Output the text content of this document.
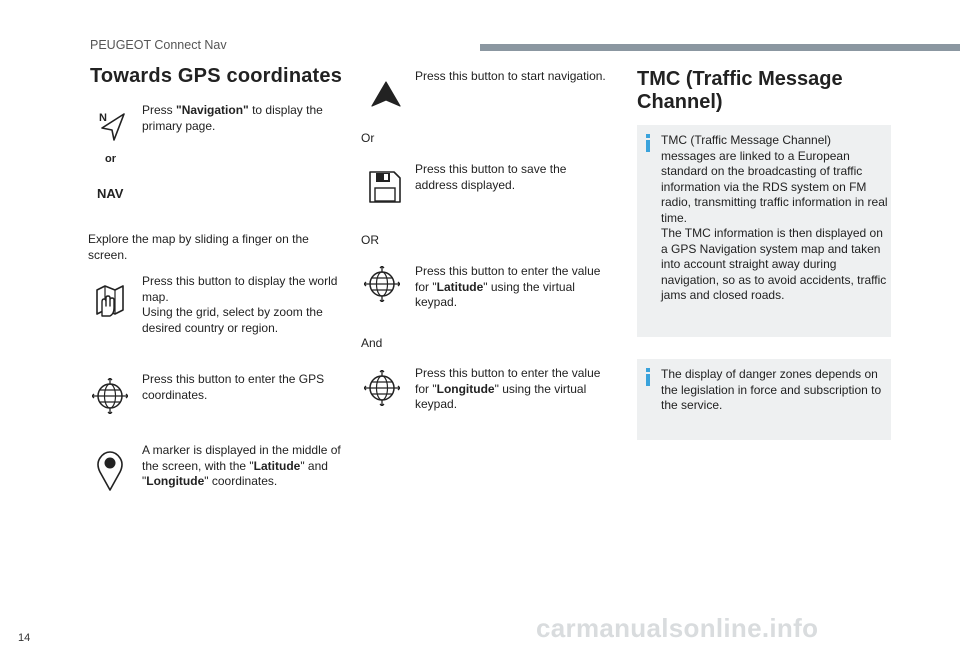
PEUGEOT Connect Nav
Towards GPS coordinates
N
or
NAV
Press "Navigation" to display the primary page.
Explore the map by sliding a finger on the screen.
Press this button to display the world map.
Using the grid, select by zoom the desired country or region.
Press this button to enter the GPS coordinates.
A marker is displayed in the middle of the screen, with the "Latitude" and "Longitude" coordinates.
Press this button to start navigation.
Or
Press this button to save the address displayed.
OR
Press this button to enter the value for "Latitude" using the virtual keypad.
And
Press this button to enter the value for "Longitude" using the virtual keypad.
TMC (Traffic Message Channel)
TMC (Traffic Message Channel) messages are linked to a European standard on the broadcasting of traffic information via the RDS system on FM radio, transmitting traffic information in real time.
The TMC information is then displayed on a GPS Navigation system map and taken into account straight away during navigation, so as to avoid accidents, traffic jams and closed roads.
The display of danger zones depends on the legislation in force and subscription to the service.
14	carmanualsonline.info
